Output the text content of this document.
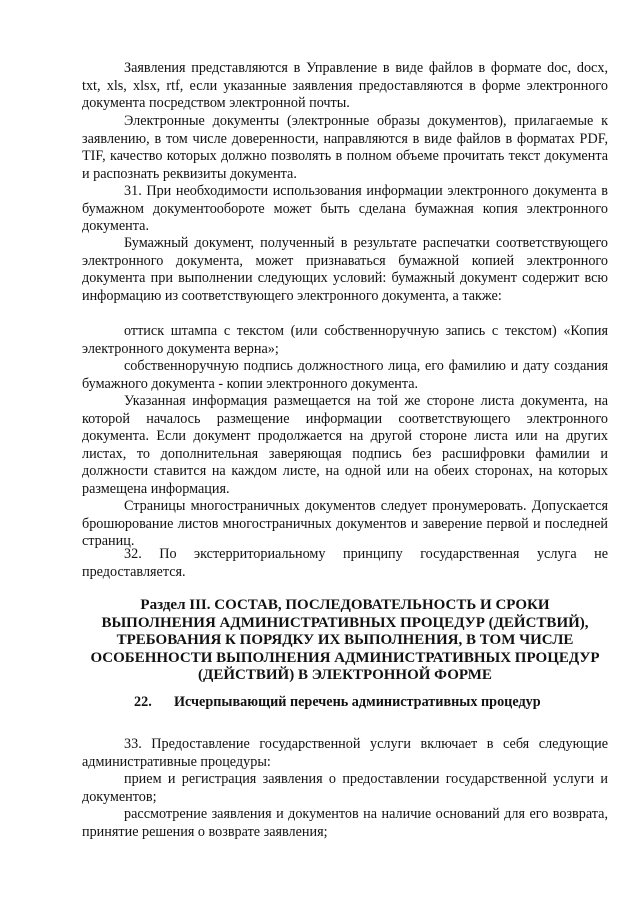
Заявления представляются в Управление в виде файлов в формате doc, docx, txt, xls, xlsx, rtf, если указанные заявления предоставляются в форме электронного документа посредством электронной почты.

Электронные документы (электронные образы документов), прилагаемые к заявлению, в том числе доверенности, направляются в виде файлов в форматах PDF, TIF, качество которых должно позволять в полном объеме прочитать текст документа и распознать реквизиты документа.

31. При необходимости использования информации электронного документа в бумажном документообороте может быть сделана бумажная копия электронного документа.

Бумажный документ, полученный в результате распечатки соответствующего электронного документа, может признаваться бумажной копией электронного документа при выполнении следующих условий: бумажный документ содержит всю информацию из соответствующего электронного документа, а также:

оттиск штампа с текстом (или собственноручную запись с текстом) «Копия электронного документа верна»;

собственноручную подпись должностного лица, его фамилию и дату создания бумажного документа - копии электронного документа.

Указанная информация размещается на той же стороне листа документа, на которой началось размещение информации соответствующего электронного документа. Если документ продолжается на другой стороне листа или на других листах, то дополнительная заверяющая подпись без расшифровки фамилии и должности ставится на каждом листе, на одной или на обеих сторонах, на которых размещена информация.

Страницы многостраничных документов следует пронумеровать. Допускается брошюрование листов многостраничных документов и заверение первой и последней страниц.

32. По экстерриториальному принципу государственная услуга не предоставляется.

Раздел III. СОСТАВ, ПОСЛЕДОВАТЕЛЬНОСТЬ И СРОКИ ВЫПОЛНЕНИЯ АДМИНИСТРАТИВНЫХ ПРОЦЕДУР (ДЕЙСТВИЙ), ТРЕБОВАНИЯ К ПОРЯДКУ ИХ ВЫПОЛНЕНИЯ, В ТОМ ЧИСЛЕ ОСОБЕННОСТИ ВЫПОЛНЕНИЯ АДМИНИСТРАТИВНЫХ ПРОЦЕДУР (ДЕЙСТВИЙ) В ЭЛЕКТРОННОЙ ФОРМЕ

22. Исчерпывающий перечень административных процедур

33. Предоставление государственной услуги включает в себя следующие административные процедуры:

прием и регистрация заявления о предоставлении государственной услуги и документов;

рассмотрение заявления и документов на наличие оснований для его возврата, принятие решения о возврате заявления;
